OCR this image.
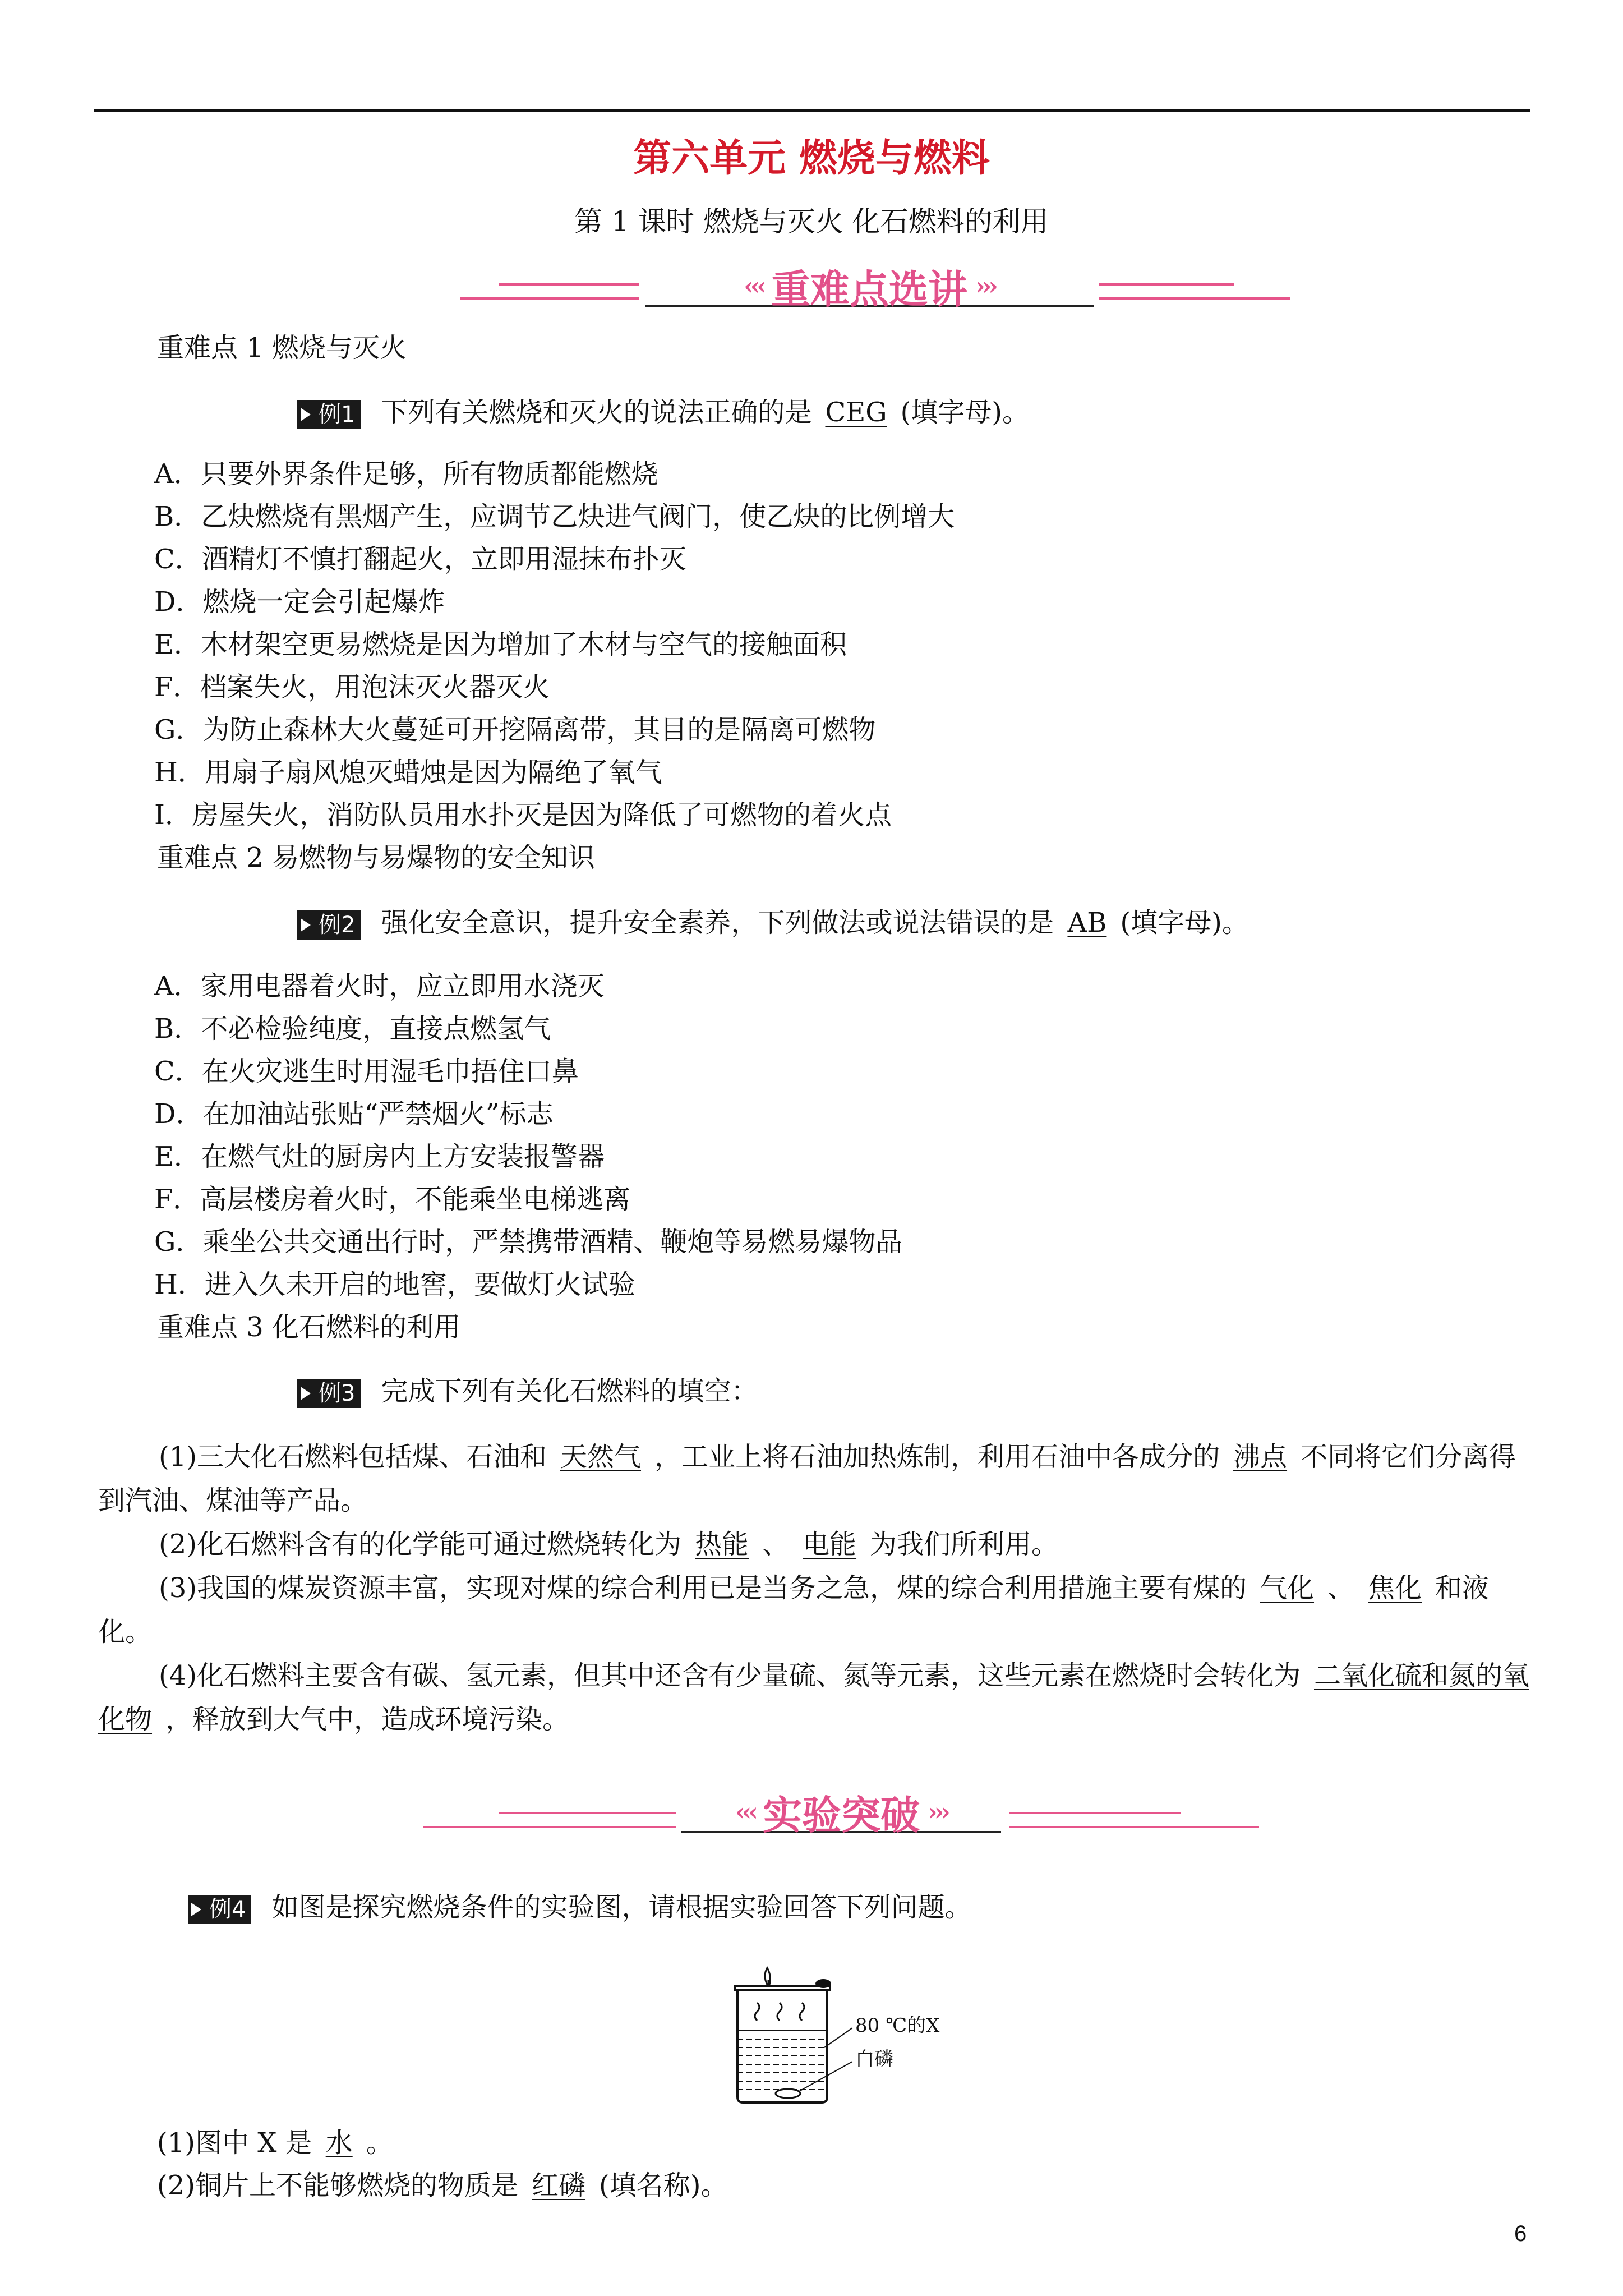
第六单元 燃烧与燃料
第 1 课时 燃烧与灭火 化石燃料的利用
‹‹‹ 重难点选讲 ›››
重难点 1 燃烧与灭火
例1 下列有关燃烧和灭火的说法正确的是 CEG (填字母)。
A．只要外界条件足够，所有物质都能燃烧
B．乙炔燃烧有黑烟产生，应调节乙炔进气阀门，使乙炔的比例增大
C．酒精灯不慎打翻起火，立即用湿抹布扑灭
D．燃烧一定会引起爆炸
E．木材架空更易燃烧是因为增加了木材与空气的接触面积
F．档案失火，用泡沫灭火器灭火
G．为防止森林大火蔓延可开挖隔离带，其目的是隔离可燃物
H．用扇子扇风熄灭蜡烛是因为隔绝了氧气
I．房屋失火，消防队员用水扑灭是因为降低了可燃物的着火点
重难点 2 易燃物与易爆物的安全知识
例2 强化安全意识，提升安全素养，下列做法或说法错误的是 AB (填字母)。
A．家用电器着火时，应立即用水浇灭
B．不必检验纯度，直接点燃氢气
C．在火灾逃生时用湿毛巾捂住口鼻
D．在加油站张贴“严禁烟火”标志
E．在燃气灶的厨房内上方安装报警器
F．高层楼房着火时，不能乘坐电梯逃离
G．乘坐公共交通出行时，严禁携带酒精、鞭炮等易燃易爆物品
H．进入久未开启的地窖，要做灯火试验
重难点 3 化石燃料的利用
例3 完成下列有关化石燃料的填空：
(1)三大化石燃料包括煤、石油和 天然气 ，工业上将石油加热炼制，利用石油中各成分的 沸点 不同将它们分离得到汽油、煤油等产品。
(2)化石燃料含有的化学能可通过燃烧转化为 热能 、 电能 为我们所利用。
(3)我国的煤炭资源丰富，实现对煤的综合利用已是当务之急，煤的综合利用措施主要有煤的 气化 、 焦化 和液化。
(4)化石燃料主要含有碳、氢元素，但其中还含有少量硫、氮等元素，这些元素在燃烧时会转化为 二氧化硫和氮的氧化物 ，释放到大气中，造成环境污染。
‹‹‹ 实验突破 ›››
例4 如图是探究燃烧条件的实验图，请根据实验回答下列问题。
80 ℃的X
白磷
(1)图中 X 是 水 。
(2)铜片上不能够燃烧的物质是 红磷 (填名称)。
6
